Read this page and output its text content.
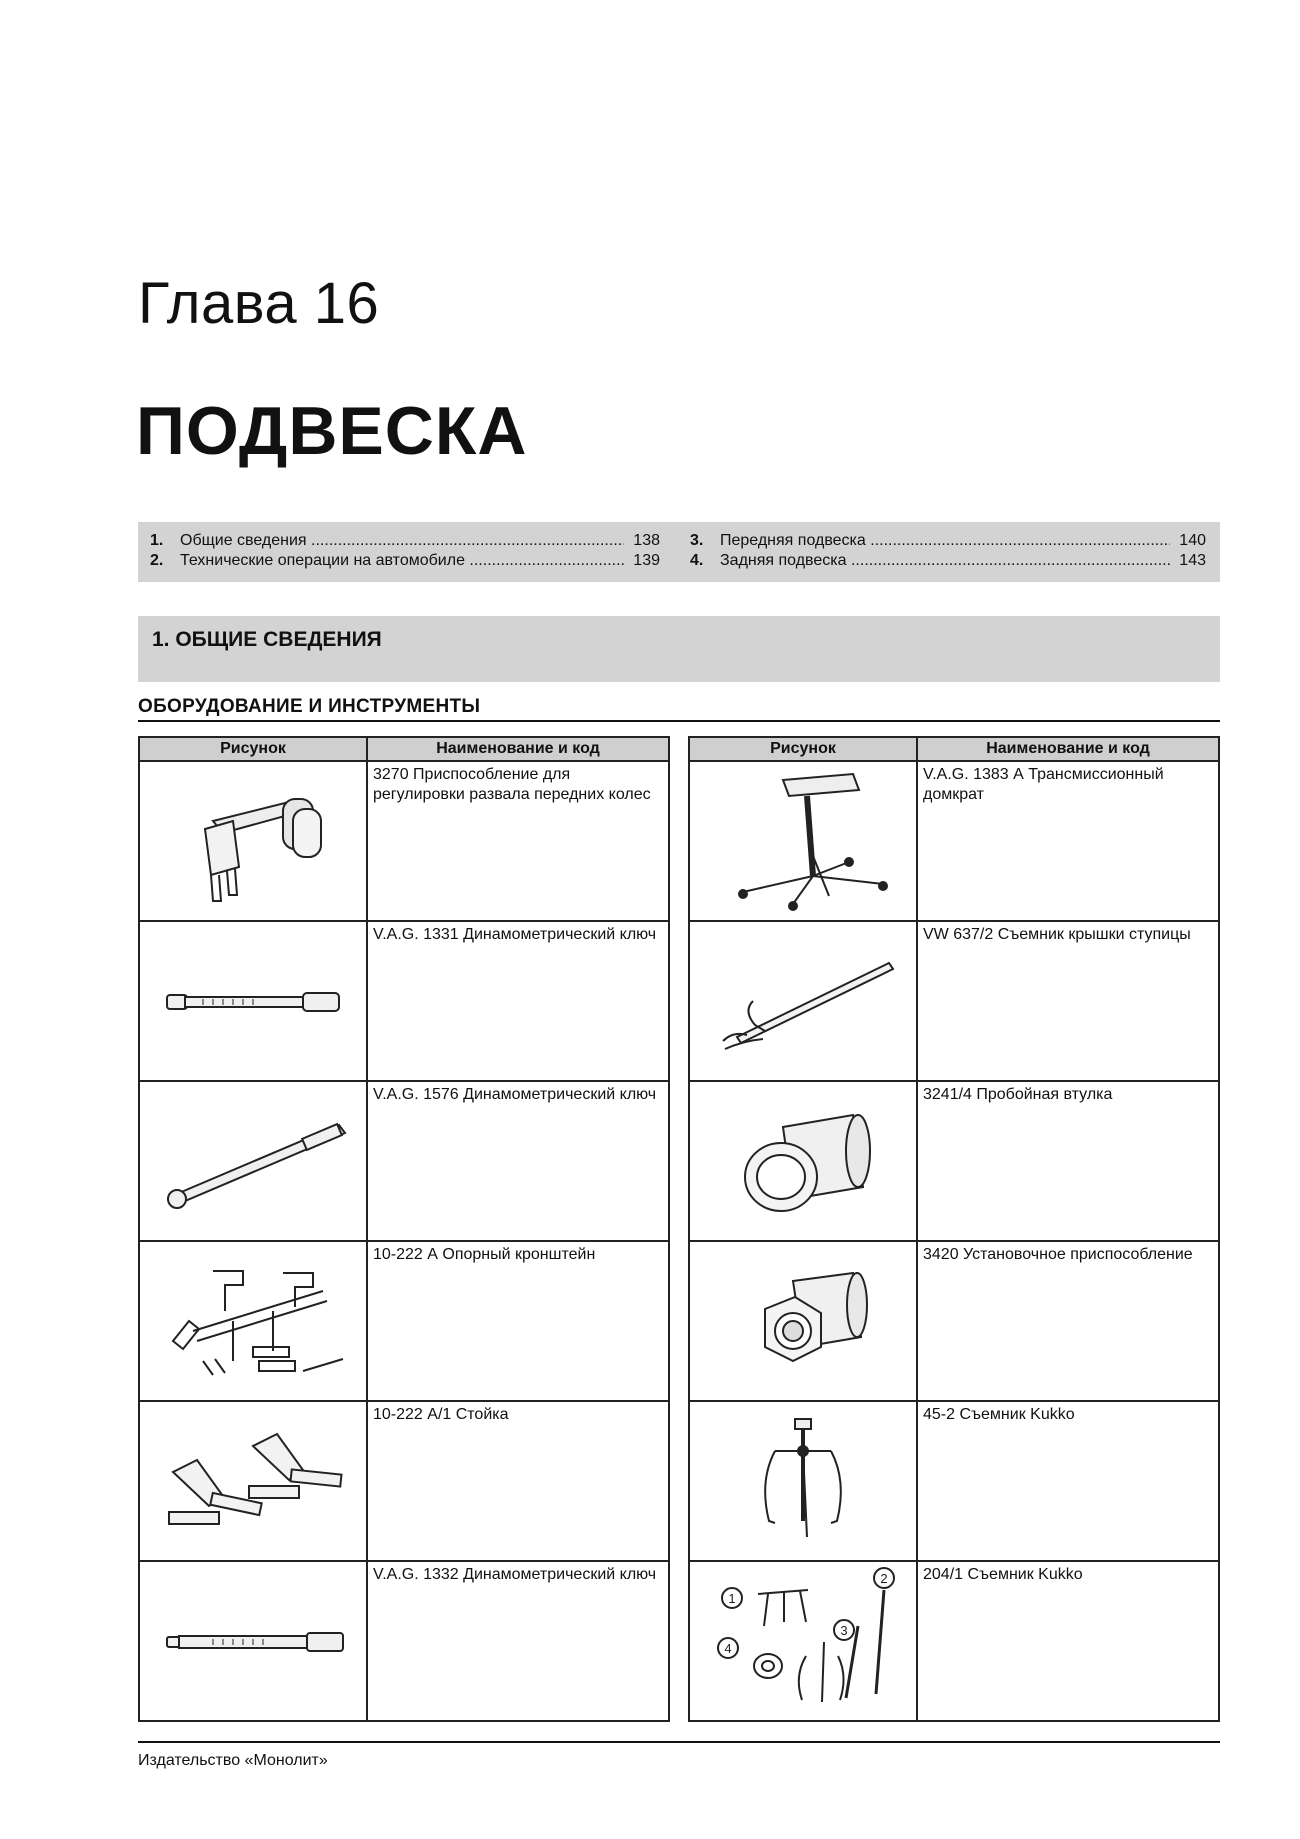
Глава 16
ПОДВЕСКА
1.	Общие сведения .....	138
2.	Технические операции на автомобиле .....	139
3.	Передняя подвеска .....	140
4.	Задняя подвеска .....	143
1. ОБЩИЕ СВЕДЕНИЯ
ОБОРУДОВАНИЕ И ИНСТРУМЕНТЫ
Рисунок	Наименование и код

	3270 Приспособление для регулировки развала передних колес

	V.A.G. 1331 Динамометрический ключ

	V.A.G. 1576 Динамометрический ключ

	10-222 А Опорный кронштейн

	10-222 А/1 Стойка

	V.A.G. 1332 Динамометрический ключ
Рисунок	Наименование и код

	V.A.G. 1383 А Трансмиссионный домкрат

	VW 637/2 Съемник крышки ступицы

	3241/4 Пробойная втулка

	3420 Установочное приспособление

	45-2 Съемник Kukko

1
2
3
4	204/1 Съемник Kukko
Издательство «Монолит»
